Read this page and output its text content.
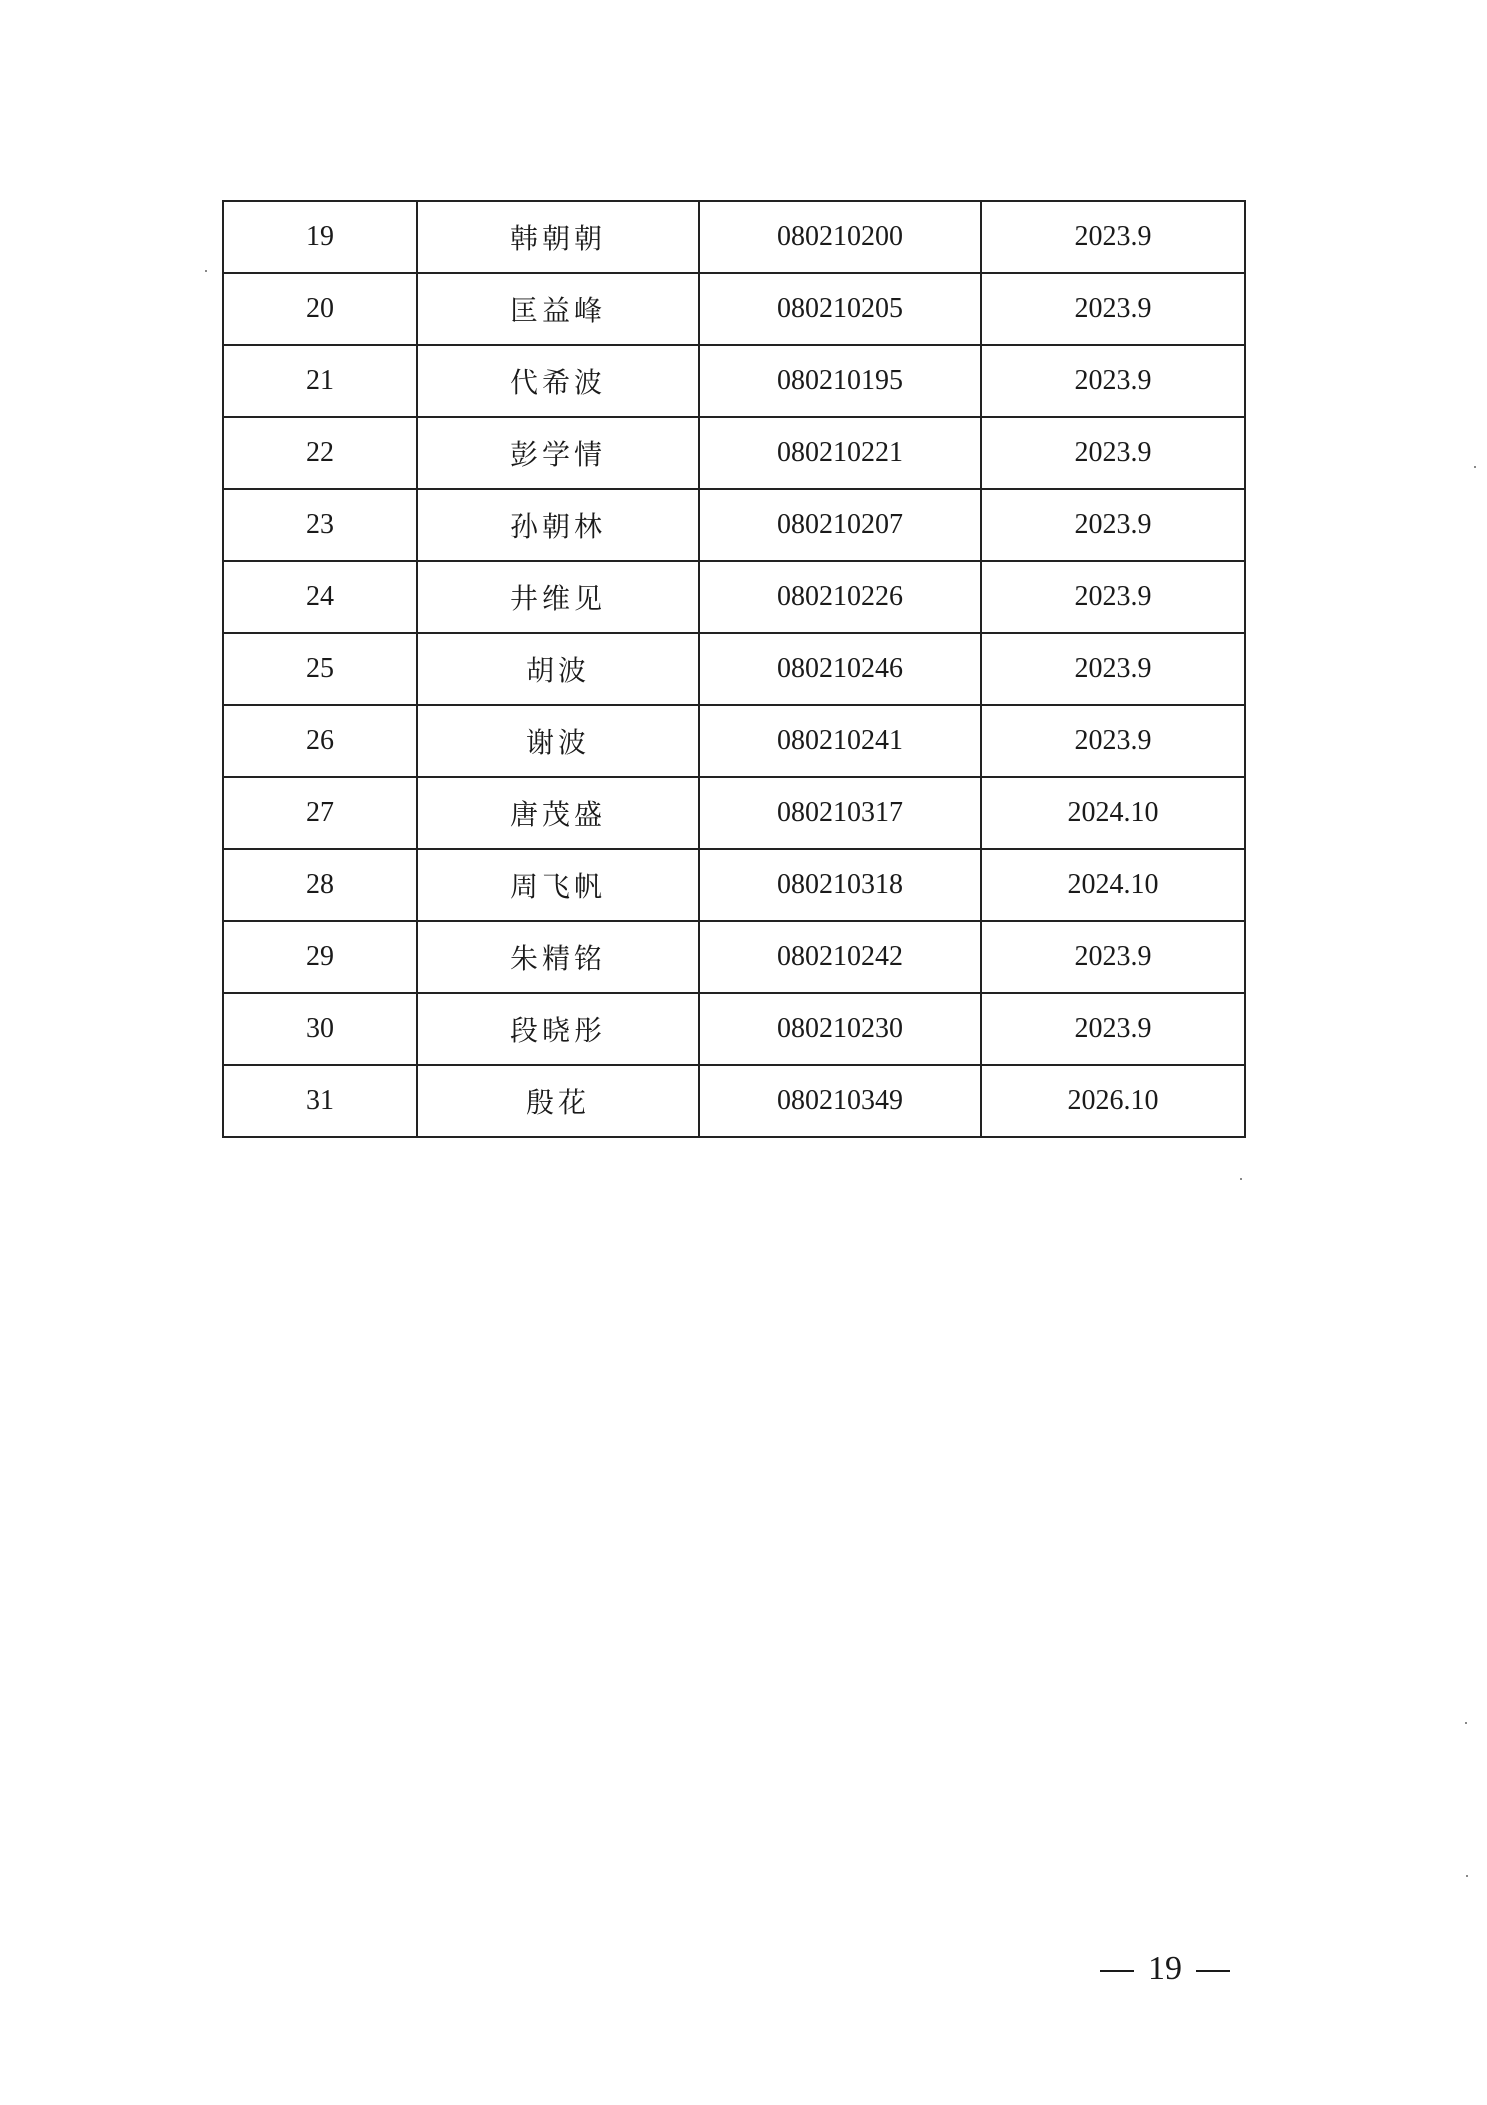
19	韩朝朝	080210200	2023.9
20	匡益峰	080210205	2023.9
21	代希波	080210195	2023.9
22	彭学情	080210221	2023.9
23	孙朝林	080210207	2023.9
24	井维见	080210226	2023.9
25	胡波	080210246	2023.9
26	谢波	080210241	2023.9
27	唐茂盛	080210317	2024.10
28	周飞帆	080210318	2024.10
29	朱精铭	080210242	2023.9
30	段晓彤	080210230	2023.9
31	殷花	080210349	2026.10
19
